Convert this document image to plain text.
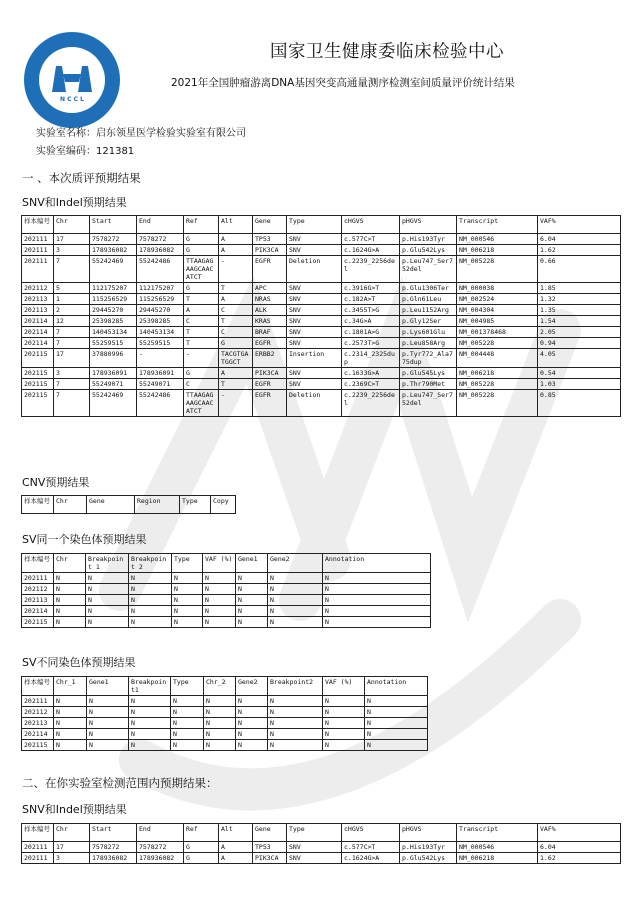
N C C L
国家卫生健康委临床检验中心
2021年全国肿瘤游离DNA基因突变高通量测序检测室间质量评价统计结果
实验室名称：启东领星医学检验实验室有限公司
实验室编码：121381
一 、本次质评预期结果
SNV和Indel预期结果
样本编号	Chr	Start	End	Ref	Alt	Gene	Type	cHGVS	pHGVS	Transcript	VAF%
202111	17	7578272	7578272	G	A	TP53	SNV	c.577C>T	p.His193Tyr	NM_000546	6.04
202111	3	178936082	178936082	G	A	PIK3CA	SNV	c.1624G>A	p.Glu542Lys	NM_006218	1.62
202111	7	55242469	55242486	TTAAGAGAAGCAACATCT	-	EGFR	Deletion	c.2239_2256del	p.Leu747_Ser752del	NM_005228	0.66
202112	5	112175207	112175207	G	T	APC	SNV	c.3916G>T	p.Glu1306Ter	NM_000038	1.85
202113	1	115256529	115256529	T	A	NRAS	SNV	c.182A>T	p.Gln61Leu	NM_002524	1.32
202113	2	29445270	29445270	A	C	ALK	SNV	c.3455T>G	p.Leu1152Arg	NM_004304	1.35
202114	12	25398285	25398285	C	T	KRAS	SNV	c.34G>A	p.Gly12Ser	NM_004985	1.54
202114	7	140453134	140453134	T	C	BRAF	SNV	c.1801A>G	p.Lys601Glu	NM_001378468	2.05
202114	7	55259515	55259515	T	G	EGFR	SNV	c.2573T>G	p.Leu858Arg	NM_005228	0.94
202115	17	37880996	-	-	TACGTGATGGCT	ERBB2	Insertion	c.2314_2325dup	p.Tyr772_Ala775dup	NM_004448	4.05
202115	3	178936091	178936091	G	A	PIK3CA	SNV	c.1633G>A	p.Glu545Lys	NM_006218	0.54
202115	7	55249071	55249071	C	T	EGFR	SNV	c.2369C>T	p.Thr790Met	NM_005228	1.03
202115	7	55242469	55242486	TTAAGAGAAGCAACATCT	-	EGFR	Deletion	c.2239_2256del	p.Leu747_Ser752del	NM_005228	0.85
CNV预期结果
样本编号	Chr	Gene	Region	Type	Copy
SV同一个染色体预期结果
样本编号	Chr	Breakpoint 1	Breakpoint 2	Type	VAF (%)	Gene1	Gene2	Annotation
202111	N	N	N	N	N	N	N	N
202112	N	N	N	N	N	N	N	N
202113	N	N	N	N	N	N	N	N
202114	N	N	N	N	N	N	N	N
202115	N	N	N	N	N	N	N	N
SV不同染色体预期结果
样本编号	Chr_1	Gene1	Breakpoint1	Type	Chr_2	Gene2	Breakpoint2	VAF (%)	Annotation
202111	N	N	N	N	N	N	N	N	N
202112	N	N	N	N	N	N	N	N	N
202113	N	N	N	N	N	N	N	N	N
202114	N	N	N	N	N	N	N	N	N
202115	N	N	N	N	N	N	N	N	N
二、在你实验室检测范围内预期结果：
SNV和Indel预期结果
样本编号	Chr	Start	End	Ref	Alt	Gene	Type	cHGVS	pHGVS	Transcript	VAF%
202111	17	7578272	7578272	G	A	TP53	SNV	c.577C>T	p.His193Tyr	NM_000546	6.04
202111	3	178936082	178936082	G	A	PIK3CA	SNV	c.1624G>A	p.Glu542Lys	NM_006218	1.62
